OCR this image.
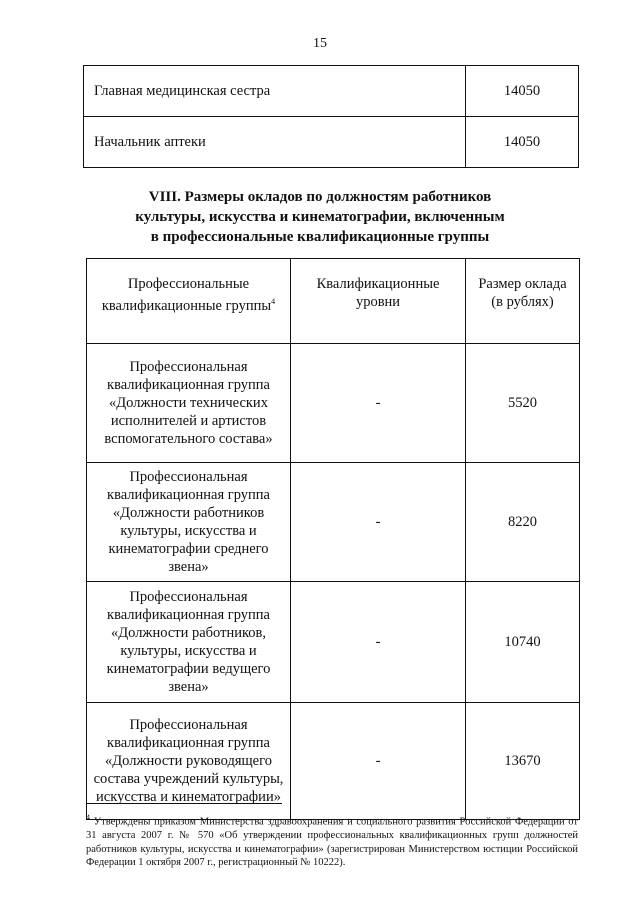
15
Главная медицинская сестра	14050
Начальник аптеки	14050
VIII. Размеры окладов по должностям работников
культуры, искусства и кинематографии, включенным
в профессиональные квалификационные группы
Профессиональные квалификационные группы$^4$	Квалификационные уровни	Размер оклада (в рублях)
Профессиональная квалификационная группа «Должности технических исполнителей и артистов вспомогательного состава»	-	5520
Профессиональная квалификационная группа «Должности работников культуры, искусства и кинематографии среднего звена»	-	8220
Профессиональная квалификационная группа «Должности работников, культуры, искусства и кинематографии ведущего звена»	-	10740
Профессиональная квалификационная группа «Должности руководящего состава учреждений культуры, искусства и кинематографии»	-	13670
$^4$ Утверждены приказом Министерства здравоохранения и социального развития Российской Федерации от 31 августа 2007 г. № 570 «Об утверждении профессиональных квалификационных групп должностей работников культуры, искусства и кинематографии» (зарегистрирован Министерством юстиции Российской Федерации 1 октября 2007 г., регистрационный № 10222).
